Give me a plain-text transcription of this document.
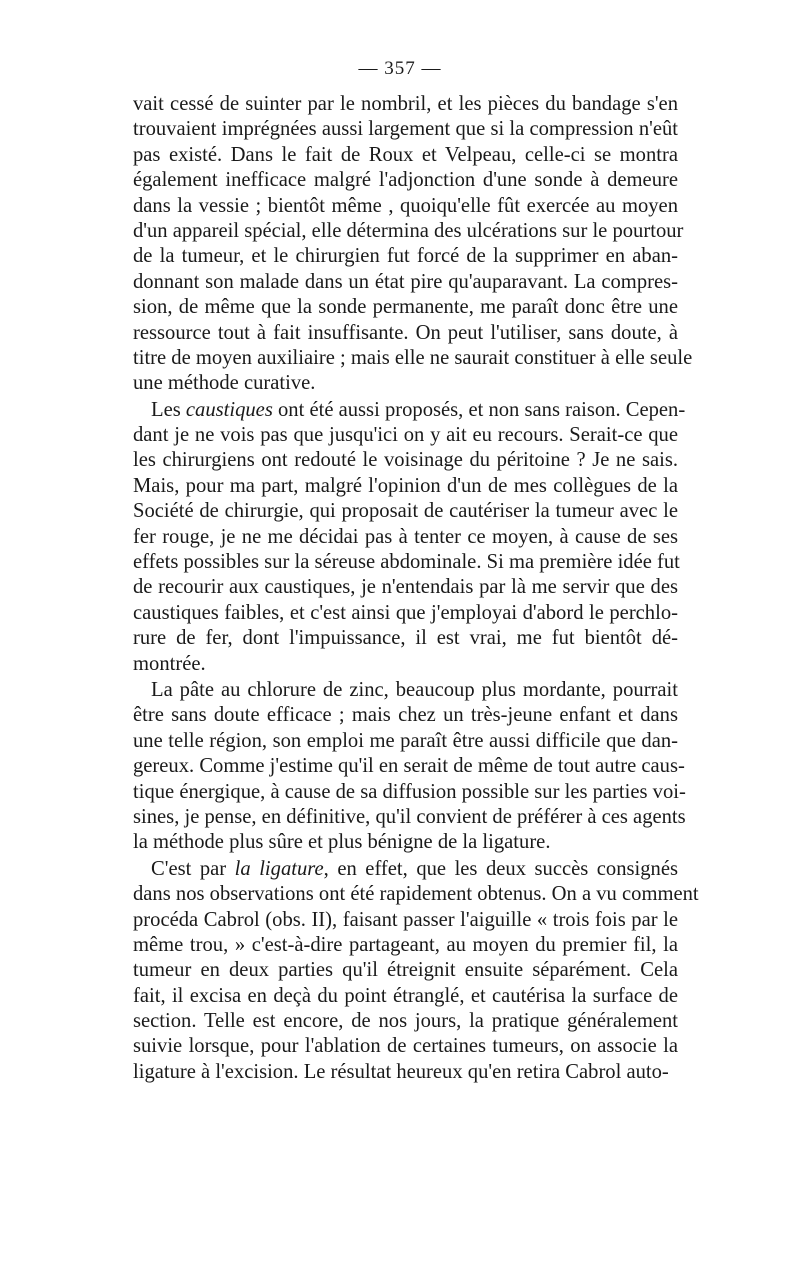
— 357 —
vait cessé de suinter par le nombril, et les pièces du bandage s'en
trouvaient imprégnées aussi largement que si la compression n'eût
pas existé. Dans le fait de Roux et Velpeau, celle-ci se montra
également inefficace malgré l'adjonction d'une sonde à demeure
dans la vessie ; bientôt même , quoiqu'elle fût exercée au moyen
d'un appareil spécial, elle détermina des ulcérations sur le pourtour
de la tumeur, et le chirurgien fut forcé de la supprimer en aban-
donnant son malade dans un état pire qu'auparavant. La compres-
sion, de même que la sonde permanente, me paraît donc être une
ressource tout à fait insuffisante. On peut l'utiliser, sans doute, à
titre de moyen auxiliaire ; mais elle ne saurait constituer à elle seule
une méthode curative.
Les caustiques ont été aussi proposés, et non sans raison. Cepen-
dant je ne vois pas que jusqu'ici on y ait eu recours. Serait-ce que
les chirurgiens ont redouté le voisinage du péritoine ? Je ne sais.
Mais, pour ma part, malgré l'opinion d'un de mes collègues de la
Société de chirurgie, qui proposait de cautériser la tumeur avec le
fer rouge, je ne me décidai pas à tenter ce moyen, à cause de ses
effets possibles sur la séreuse abdominale. Si ma première idée fut
de recourir aux caustiques, je n'entendais par là me servir que des
caustiques faibles, et c'est ainsi que j'employai d'abord le perchlo-
rure de fer, dont l'impuissance, il est vrai, me fut bientôt dé-
montrée.
La pâte au chlorure de zinc, beaucoup plus mordante, pourrait
être sans doute efficace ; mais chez un très-jeune enfant et dans
une telle région, son emploi me paraît être aussi difficile que dan-
gereux. Comme j'estime qu'il en serait de même de tout autre caus-
tique énergique, à cause de sa diffusion possible sur les parties voi-
sines, je pense, en définitive, qu'il convient de préférer à ces agents
la méthode plus sûre et plus bénigne de la ligature.
C'est par la ligature, en effet, que les deux succès consignés
dans nos observations ont été rapidement obtenus. On a vu comment
procéda Cabrol (obs. II), faisant passer l'aiguille « trois fois par le
même trou, » c'est-à-dire partageant, au moyen du premier fil, la
tumeur en deux parties qu'il étreignit ensuite séparément. Cela
fait, il excisa en deçà du point étranglé, et cautérisa la surface de
section. Telle est encore, de nos jours, la pratique généralement
suivie lorsque, pour l'ablation de certaines tumeurs, on associe la
ligature à l'excision. Le résultat heureux qu'en retira Cabrol auto-
